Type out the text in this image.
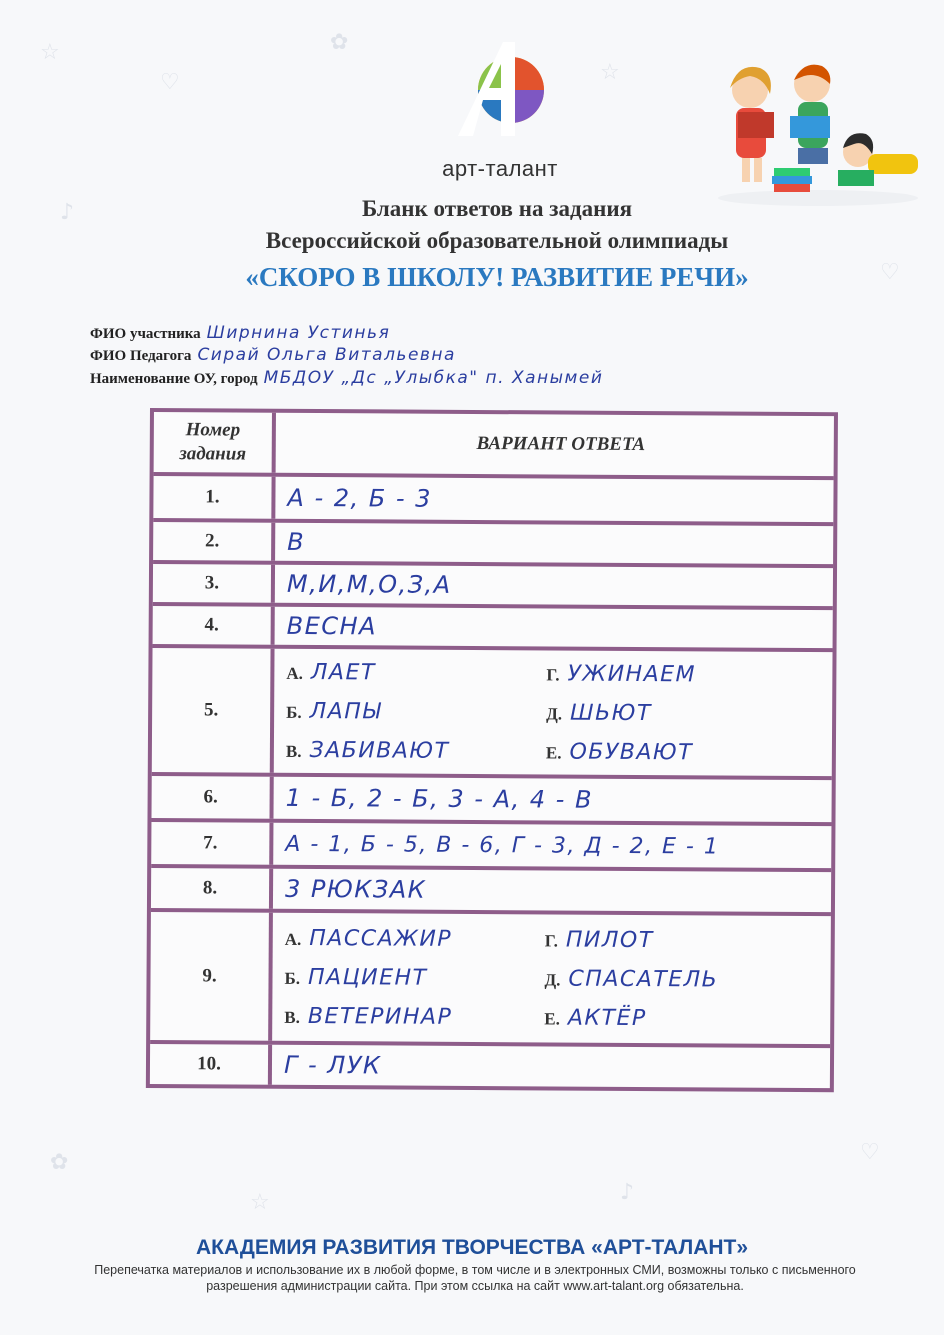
☆
♡
✿
☆
♪
♡
✿
☆	♪
♡
арт-талант
Бланк ответов на задания
Всероссийской образовательной олимпиады
«СКОРО В ШКОЛУ! РАЗВИТИЕ РЕЧИ»
ФИО участника Ширнина Устинья
ФИО Педагога Сирай Ольга Витальевна
Наименование ОУ, город МБДОУ „Дс „Улыбка" п. Ханымей
Номер задания	ВАРИАНТ ОТВЕТА
1.	А - 2, Б - 3
2.	В
3.	М,И,М,О,З,А
4.	ВЕСНА
5.
А. ЛАЕТ	Г. УЖИНАЕМ
Б. ЛАПЫ	Д. ШЬЮТ
В. ЗАБИВАЮТ	Е. ОБУВАЮТ
6.	1 - Б, 2 - Б, 3 - А, 4 - В
7.	А - 1, Б - 5, В - 6, Г - 3, Д - 2, Е - 1
8.	3 РЮКЗАК
9.
А. ПАССАЖИР	Г. ПИЛОТ
Б. ПАЦИЕНТ	Д. СПАСАТЕЛЬ
В. ВЕТЕРИНАР	Е. АКТЁР
10.	Г - ЛУК
АКАДЕМИЯ РАЗВИТИЯ ТВОРЧЕСТВА «АРТ-ТАЛАНТ»
Перепечатка материалов и использование их в любой форме, в том числе и в электронных СМИ, возможны только с письменного разрешения администрации сайта. При этом ссылка на сайт www.art-talant.org обязательна.
